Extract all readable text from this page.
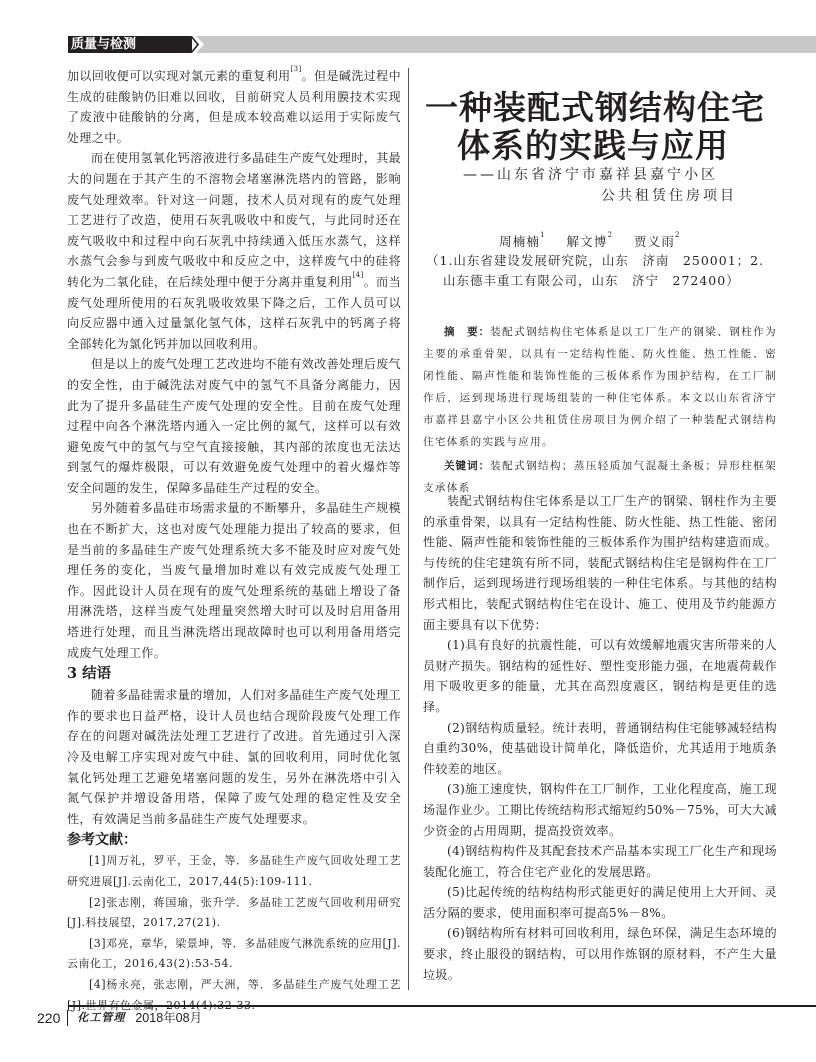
质量与检测

加以回收便可以实现对氯元素的重复利用[3]。但是碱洗过程中生成的硅酸钠仍旧难以回收，目前研究人员利用膜技术实现了废液中硅酸钠的分离，但是成本较高难以运用于实际废气处理之中。

而在使用氢氧化钙溶液进行多晶硅生产废气处理时，其最大的问题在于其产生的不溶物会堵塞淋洗塔内的管路，影响废气处理效率。针对这一问题，技术人员对现有的废气处理工艺进行了改造，使用石灰乳吸收中和废气，与此同时还在废气吸收中和过程中向石灰乳中持续通入低压水蒸气，这样水蒸气会参与到废气吸收中和反应之中，这样废气中的硅将转化为二氧化硅，在后续处理中便于分离并重复利用[4]。而当废气处理所使用的石灰乳吸收效果下降之后，工作人员可以向反应器中通入过量氯化氢气体，这样石灰乳中的钙离子将全部转化为氯化钙并加以回收利用。

但是以上的废气处理工艺改进均不能有效改善处理后废气的安全性，由于碱洗法对废气中的氢气不具备分离能力，因此为了提升多晶硅生产废气处理的安全性。目前在废气处理过程中向各个淋洗塔内通入一定比例的氮气，这样可以有效避免废气中的氢气与空气直接接触，其内部的浓度也无法达到氢气的爆炸极限，可以有效避免废气处理中的着火爆炸等安全问题的发生，保障多晶硅生产过程的安全。

另外随着多晶硅市场需求量的不断攀升，多晶硅生产规模也在不断扩大，这也对废气处理能力提出了较高的要求，但是当前的多晶硅生产废气处理系统大多不能及时应对废气处理任务的变化，当废气量增加时难以有效完成废气处理工作。因此设计人员在现有的废气处理系统的基础上增设了备用淋洗塔，这样当废气处理量突然增大时可以及时启用备用塔进行处理，而且当淋洗塔出现故障时也可以利用备用塔完成废气处理工作。

3 结语

随着多晶硅需求量的增加，人们对多晶硅生产废气处理工作的要求也日益严格，设计人员也结合现阶段废气处理工作存在的问题对碱洗法处理工艺进行了改进。首先通过引入深冷及电解工序实现对废气中硅、氯的回收利用，同时优化氢氧化钙处理工艺避免堵塞问题的发生，另外在淋洗塔中引入氮气保护并增设备用塔，保障了废气处理的稳定性及安全性，有效满足当前多晶硅生产废气处理要求。

参考文献：

[1]周万礼，罗平，王金，等．多晶硅生产废气回收处理工艺研究进展[J].云南化工，2017,44(5):109-111.

[2]张志刚，蒋国瑜，张升学．多晶硅工艺废气回收利用研究[J].科技展望，2017,27(21).

[3]邓亮，章华，梁景坤，等．多晶硅废气淋洗系统的应用[J].云南化工，2016,43(2):53-54.

[4]杨永亮，张志刚，严大洲，等．多晶硅生产废气处理工艺

一种装配式钢结构住宅
体系的实践与应用
——山东省济宁市嘉祥县嘉宁小区
公共租赁住房项目
周楠楠$^1$ 解文博$^2$ 贾义雨$^2$
（1.山东省建设发展研究院，山东　济南　250001；2.
山东德丰重工有限公司，山东　济宁　272400）

摘　要：装配式钢结构住宅体系是以工厂生产的钢梁、钢柱作为主要的承重骨架，以具有一定结构性能、防火性能、热工性能、密闭性能、隔声性能和装饰性能的三板体系作为围护结构，在工厂制作后，运到现场进行现场组装的一种住宅体系。本文以山东省济宁市嘉祥县嘉宁小区公共租赁住房项目为例介绍了一种装配式钢结构住宅体系的实践与应用。

关键词：装配式钢结构；蒸压轻质加气混凝土条板；异形柱框架支承体系

装配式钢结构住宅体系是以工厂生产的钢梁、钢柱作为主要的承重骨架，以具有一定结构性能、防火性能、热工性能、密闭性能、隔声性能和装饰性能的三板体系作为围护结构建造而成。与传统的住宅建筑有所不同，装配式钢结构住宅是钢构件在工厂制作后，运到现场进行现场组装的一种住宅体系。与其他的结构形式相比，装配式钢结构住宅在设计、施工、使用及节约能源方面主要具有以下优势：

(1)具有良好的抗震性能，可以有效缓解地震灾害所带来的人员财产损失。钢结构的延性好、塑性变形能力强，在地震荷载作用下吸收更多的能量，尤其在高烈度震区，钢结构是更佳的选择。

(2)钢结构质量轻。统计表明，普通钢结构住宅能够减轻结构自重约30%，使基础设计简单化，降低造价，尤其适用于地质条件较差的地区。

(3)施工速度快，钢构件在工厂制作，工业化程度高，施工现场湿作业少。工期比传统结构形式缩短约50%－75%，可大大减少资金的占用周期，提高投资效率。

(4)钢结构构件及其配套技术产品基本实现工厂化生产和现场装配化施工，符合住宅产业化的发展思路。

(5)比起传统的结构结构形式能更好的满足使用上大开间、灵活分隔的要求，使用面积率可提高5%－8%。

(6)钢结构所有材料可回收利用，绿色环保，满足生态环境的要求，终止服役的钢结构，可以用作炼钢的原材料，不产生大量垃圾。

220 化工管理 2018年08月
